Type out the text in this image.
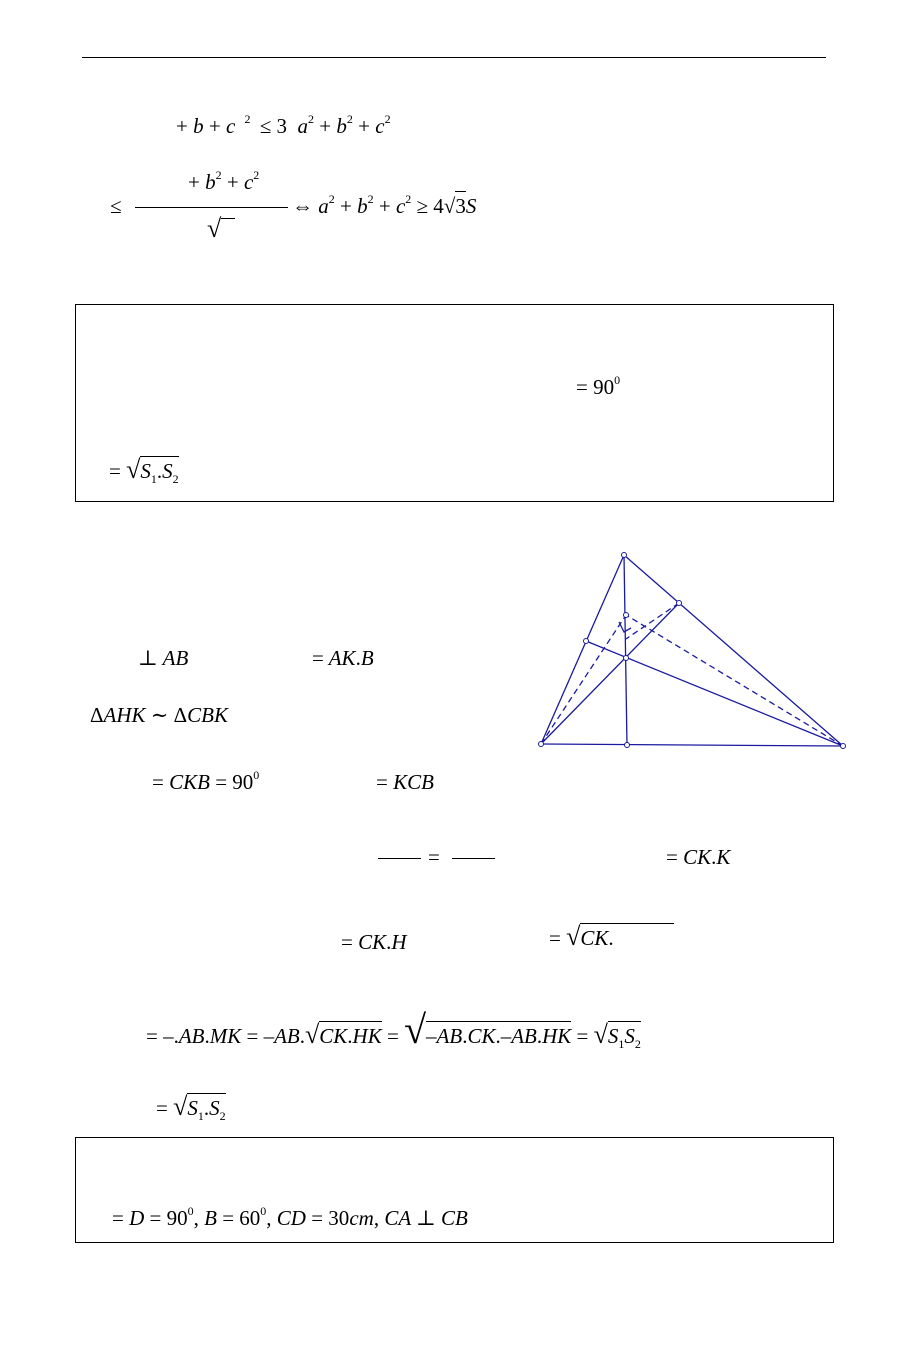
+ b + c $^2$ ≤ 3  $a^2 + b^2 + c^2$
≤
+ $b^2 + c^2$
√
⇔ $a^2 + b^2 + c^2 \ge 4√3S$
= $90^0$
= $√S_1.S_2$
⊥ AB	= AK.B
ΔAHK ∼ ΔCBK
= CKB = $90^0$	= KCB
=	= CK.K
= CK.H	= √CK.
= $-.AB.MK = -AB.√CK.HK = √-AB.CK.-AB.HK = √S_1S_2$
= $√S_1.S_2$
= $D = 90^0$, $B = 60^0$, CD = 30cm, CA ⊥ CB
